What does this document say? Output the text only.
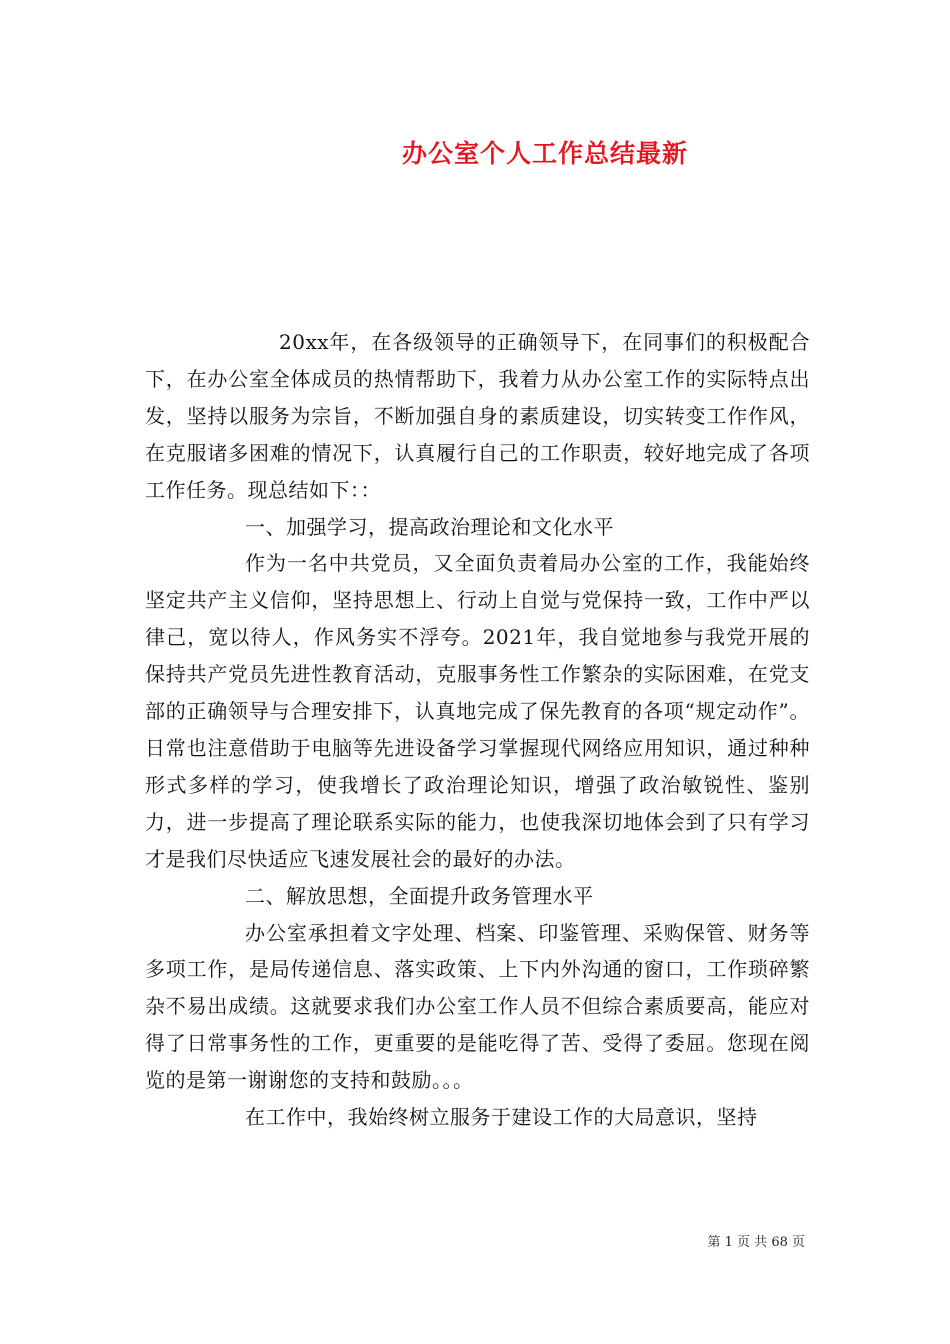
办公室个人工作总结最新

20xx年，在各级领导的正确领导下，在同事们的积极配合下，在办公室全体成员的热情帮助下，我着力从办公室工作的实际特点出发，坚持以服务为宗旨，不断加强自身的素质建设，切实转变工作作风，在克服诸多困难的情况下，认真履行自己的工作职责，较好地完成了各项工作任务。现总结如下：：

一、加强学习，提高政治理论和文化水平

作为一名中共党员，又全面负责着局办公室的工作，我能始终坚定共产主义信仰，坚持思想上、行动上自觉与党保持一致，工作中严以律己，宽以待人，作风务实不浮夸。2021年，我自觉地参与我党开展的保持共产党员先进性教育活动，克服事务性工作繁杂的实际困难，在党支部的正确领导与合理安排下，认真地完成了保先教育的各项“规定动作”。日常也注意借助于电脑等先进设备学习掌握现代网络应用知识，通过种种形式多样的学习，使我增长了政治理论知识，增强了政治敏锐性、鉴别力，进一步提高了理论联系实际的能力，也使我深切地体会到了只有学习才是我们尽快适应飞速发展社会的最好的办法。

二、解放思想，全面提升政务管理水平

办公室承担着文字处理、档案、印鉴管理、采购保管、财务等多项工作，是局传递信息、落实政策、上下内外沟通的窗口，工作琐碎繁杂不易出成绩。这就要求我们办公室工作人员不但综合素质要高，能应对得了日常事务性的工作，更重要的是能吃得了苦、受得了委屈。您现在阅览的是第一谢谢您的支持和鼓励。。。

在工作中，我始终树立服务于建设工作的大局意识，坚持

第 1 页 共 68 页
